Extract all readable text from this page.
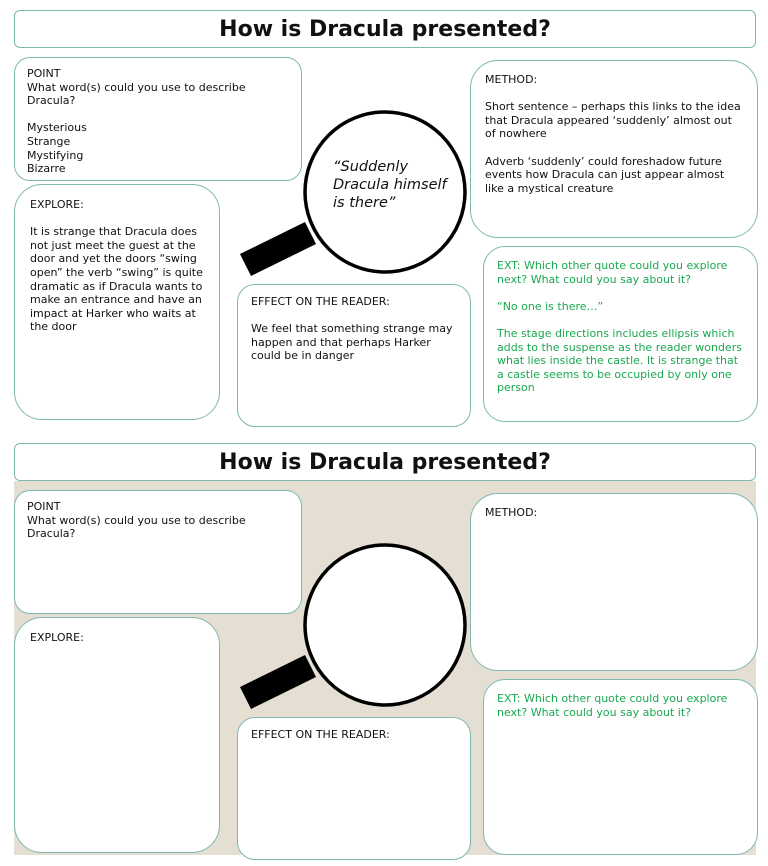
How is Dracula presented?
“Suddenly Dracula himself is there”

POINT

What word(s) could you use to describe Dracula?

Mysterious

Strange

Mystifying

Bizarre

METHOD:

Short sentence – perhaps this links to the idea that Dracula appeared ‘suddenly’ almost out of nowhere

Adverb ‘suddenly’ could foreshadow future events how Dracula can just appear almost like a mystical creature

EXPLORE:

It is strange that Dracula does not just meet the guest at the door and yet the doors “swing open” the verb “swing” is quite dramatic as if Dracula wants to make an entrance and have an impact at Harker who waits at the door

EFFECT ON THE READER:

We feel that something strange may happen and that perhaps Harker could be in danger

EXT: Which other quote could you explore next? What could you say about it?

“No one is there…”

The stage directions includes ellipsis which adds to the suspense as the reader wonders what lies inside the castle. It is strange that a castle seems to be occupied by only one person

How is Dracula presented?

POINT

What word(s) could you use to describe Dracula?

METHOD:

EXPLORE:

EFFECT ON THE READER:

EXT: Which other quote could you explore next? What could you say about it?
